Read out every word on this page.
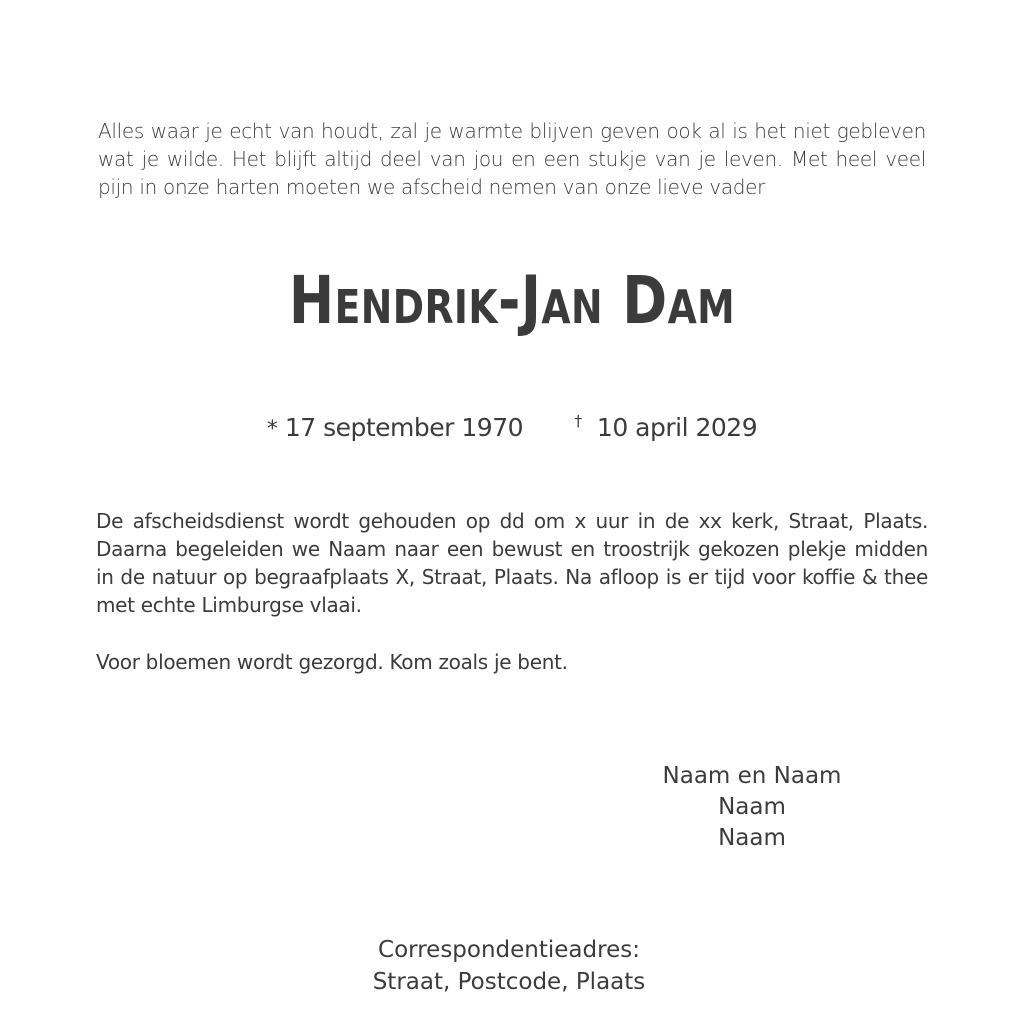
Alles waar je echt van houdt, zal je warmte blijven geven ook al is het niet gebleven
wat je wilde. Het blijft altijd deel van jou en een stukje van je leven. Met heel veel
pijn in onze harten moeten we afscheid nemen van onze lieve vader
Hendrik-Jan Dam
* 17 september 1970	† 10 april 2029
De afscheidsdienst wordt gehouden op dd om x uur in de xx kerk, Straat, Plaats.
Daarna begeleiden we Naam naar een bewust en troostrijk gekozen plekje midden
in de natuur op begraafplaats X, Straat, Plaats. Na afloop is er tijd voor koffie & thee
met echte Limburgse vlaai.
Voor bloemen wordt gezorgd. Kom zoals je bent.
Naam en Naam
Naam
Naam
Correspondentieadres:
Straat, Postcode, Plaats
